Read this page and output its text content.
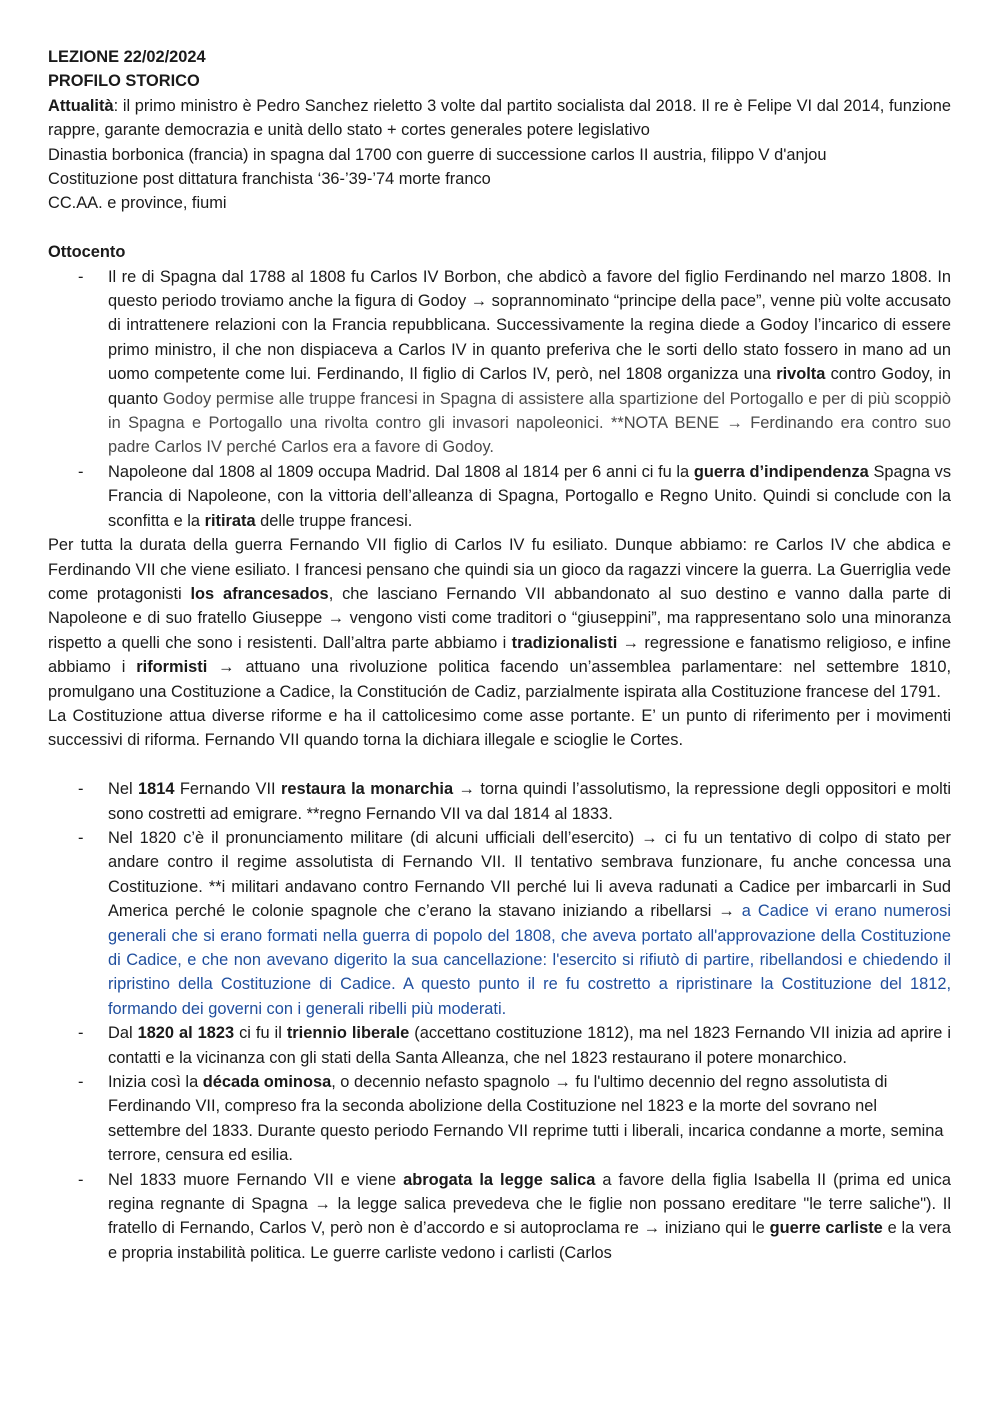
LEZIONE 22/02/2024

PROFILO STORICO

Attualità: il primo ministro è Pedro Sanchez rieletto 3 volte dal partito socialista dal 2018. Il re è Felipe VI dal 2014, funzione rappre, garante democrazia e unità dello stato + cortes generales potere legislativo

Dinastia borbonica (francia) in spagna dal 1700 con guerre di successione carlos II austria, filippo V d'anjou

Costituzione post dittatura franchista ‘36-’39-’74 morte franco

CC.AA. e province, fiumi

Ottocento

- Il re di Spagna dal 1788 al 1808 fu Carlos IV Borbon, che abdicò a favore del figlio Ferdinando nel marzo 1808. In questo periodo troviamo anche la figura di Godoy → soprannominato “principe della pace”, venne più volte accusato di intrattenere relazioni con la Francia repubblicana. Successivamente la regina diede a Godoy l’incarico di essere primo ministro, il che non dispiaceva a Carlos IV in quanto preferiva che le sorti dello stato fossero in mano ad un uomo competente come lui. Ferdinando, Il figlio di Carlos IV, però, nel 1808 organizza una rivolta contro Godoy, in quanto Godoy permise alle truppe francesi in Spagna di assistere alla spartizione del Portogallo e per di più scoppiò in Spagna e Portogallo una rivolta contro gli invasori napoleonici. **NOTA BENE → Ferdinando era contro suo padre Carlos IV perché Carlos era a favore di Godoy.
- Napoleone dal 1808 al 1809 occupa Madrid. Dal 1808 al 1814 per 6 anni ci fu la guerra d’indipendenza Spagna vs Francia di Napoleone, con la vittoria dell’alleanza di Spagna, Portogallo e Regno Unito. Quindi si conclude con la sconfitta e la ritirata delle truppe francesi.

Per tutta la durata della guerra Fernando VII figlio di Carlos IV fu esiliato. Dunque abbiamo: re Carlos IV che abdica e Ferdinando VII che viene esiliato. I francesi pensano che quindi sia un gioco da ragazzi vincere la guerra. La Guerriglia vede come protagonisti los afrancesados, che lasciano Fernando VII abbandonato al suo destino e vanno dalla parte di Napoleone e di suo fratello Giuseppe → vengono visti come traditori o “giuseppini”, ma rappresentano solo una minoranza rispetto a quelli che sono i resistenti. Dall’altra parte abbiamo i tradizionalisti → regressione e fanatismo religioso, e infine abbiamo i riformisti → attuano una rivoluzione politica facendo un’assemblea parlamentare: nel settembre 1810, promulgano una Costituzione a Cadice, la Constitución de Cadiz, parzialmente ispirata alla Costituzione francese del 1791.

La Costituzione attua diverse riforme e ha il cattolicesimo come asse portante. E’ un punto di riferimento per i movimenti successivi di riforma. Fernando VII quando torna la dichiara illegale e scioglie le Cortes.

- Nel 1814 Fernando VII restaura la monarchia → torna quindi l’assolutismo, la repressione degli oppositori e molti sono costretti ad emigrare. **regno Fernando VII va dal 1814 al 1833.
- Nel 1820 c’è il pronunciamento militare (di alcuni ufficiali dell’esercito) → ci fu un tentativo di colpo di stato per andare contro il regime assolutista di Fernando VII. Il tentativo sembrava funzionare, fu anche concessa una Costituzione. **i militari andavano contro Fernando VII perché lui li aveva radunati a Cadice per imbarcarli in Sud America perché le colonie spagnole che c’erano la stavano iniziando a ribellarsi → a Cadice vi erano numerosi generali che si erano formati nella guerra di popolo del 1808, che aveva portato all'approvazione della Costituzione di Cadice, e che non avevano digerito la sua cancellazione: l'esercito si rifiutò di partire, ribellandosi e chiedendo il ripristino della Costituzione di Cadice. A questo punto il re fu costretto a ripristinare la Costituzione del 1812, formando dei governi con i generali ribelli più moderati.
- Dal 1820 al 1823 ci fu il triennio liberale (accettano costituzione 1812), ma nel 1823 Fernando VII inizia ad aprire i contatti e la vicinanza con gli stati della Santa Alleanza, che nel 1823 restaurano il potere monarchico.
- Inizia così la década ominosa, o decennio nefasto spagnolo → fu l'ultimo decennio del regno assolutista di Ferdinando VII, compreso fra la seconda abolizione della Costituzione nel 1823 e la morte del sovrano nel settembre del 1833. Durante questo periodo Fernando VII reprime tutti i liberali, incarica condanne a morte, semina terrore, censura ed esilia.
- Nel 1833 muore Fernando VII e viene abrogata la legge salica a favore della figlia Isabella II (prima ed unica regina regnante di Spagna → la legge salica prevedeva che le figlie non possano ereditare "le terre saliche"). Il fratello di Fernando, Carlos V, però non è d’accordo e si autoproclama re → iniziano qui le guerre carliste e la vera e propria instabilità politica. Le guerre carliste vedono i carlisti (Carlos
